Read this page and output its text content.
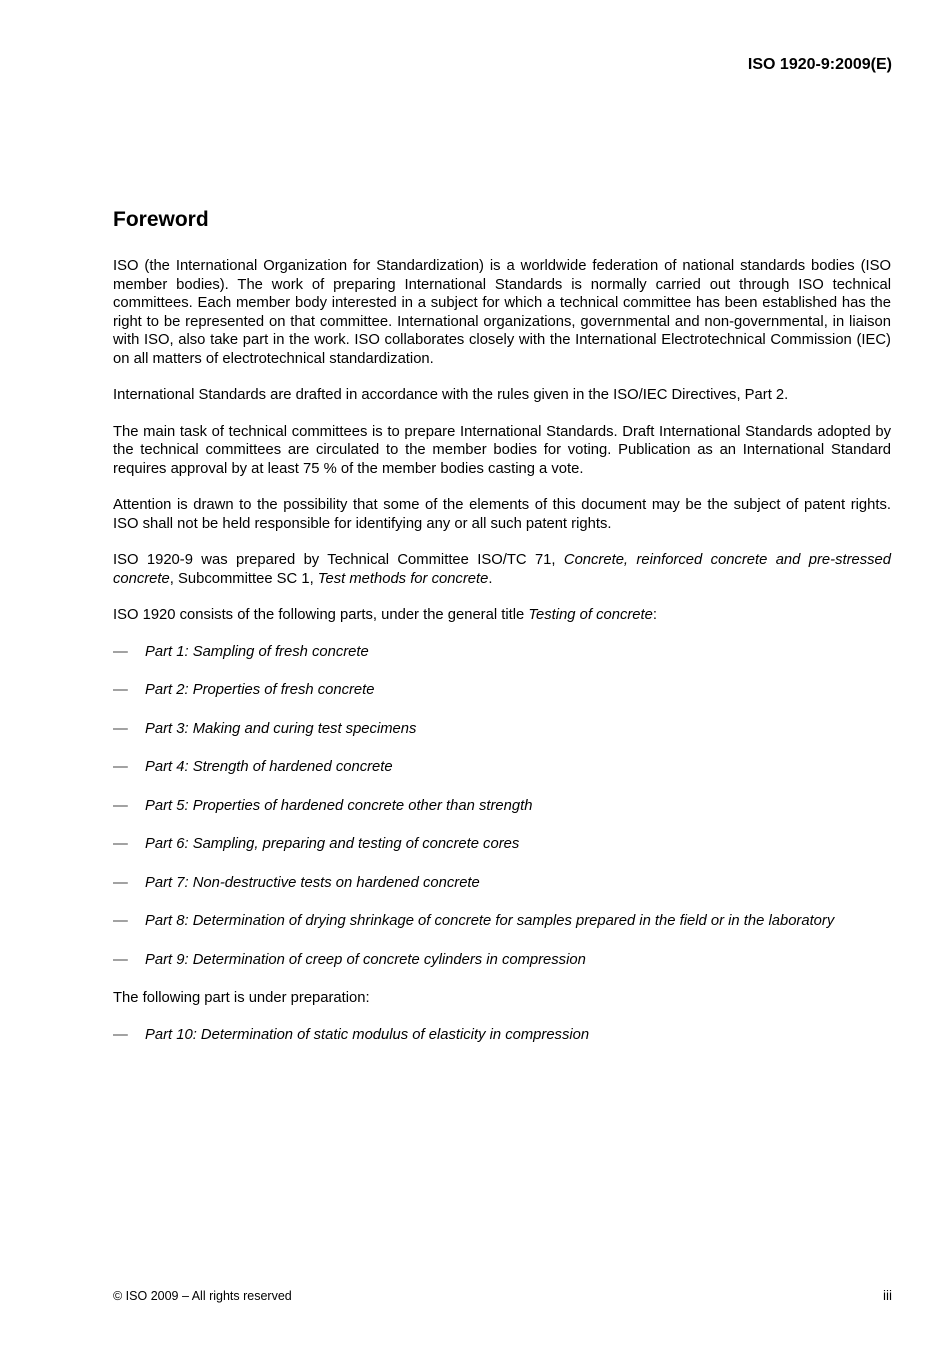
ISO 1920-9:2009(E)
Foreword

ISO (the International Organization for Standardization) is a worldwide federation of national standards bodies (ISO member bodies). The work of preparing International Standards is normally carried out through ISO technical committees. Each member body interested in a subject for which a technical committee has been established has the right to be represented on that committee. International organizations, governmental and non-governmental, in liaison with ISO, also take part in the work. ISO collaborates closely with the International Electrotechnical Commission (IEC) on all matters of electrotechnical standardization.

International Standards are drafted in accordance with the rules given in the ISO/IEC Directives, Part 2.

The main task of technical committees is to prepare International Standards. Draft International Standards adopted by the technical committees are circulated to the member bodies for voting. Publication as an International Standard requires approval by at least 75 % of the member bodies casting a vote.

Attention is drawn to the possibility that some of the elements of this document may be the subject of patent rights. ISO shall not be held responsible for identifying any or all such patent rights.

ISO 1920-9 was prepared by Technical Committee ISO/TC 71, Concrete, reinforced concrete and pre-stressed concrete, Subcommittee SC 1, Test methods for concrete.

ISO 1920 consists of the following parts, under the general title Testing of concrete:

— Part 1: Sampling of fresh concrete
— Part 2: Properties of fresh concrete
— Part 3: Making and curing test specimens
— Part 4: Strength of hardened concrete
— Part 5: Properties of hardened concrete other than strength
— Part 6: Sampling, preparing and testing of concrete cores
— Part 7: Non-destructive tests on hardened concrete
— Part 8: Determination of drying shrinkage of concrete for samples prepared in the field or in the laboratory
— Part 9: Determination of creep of concrete cylinders in compression

The following part is under preparation:

— Part 10: Determination of static modulus of elasticity in compression
© ISO 2009 – All rights reserved	iii
